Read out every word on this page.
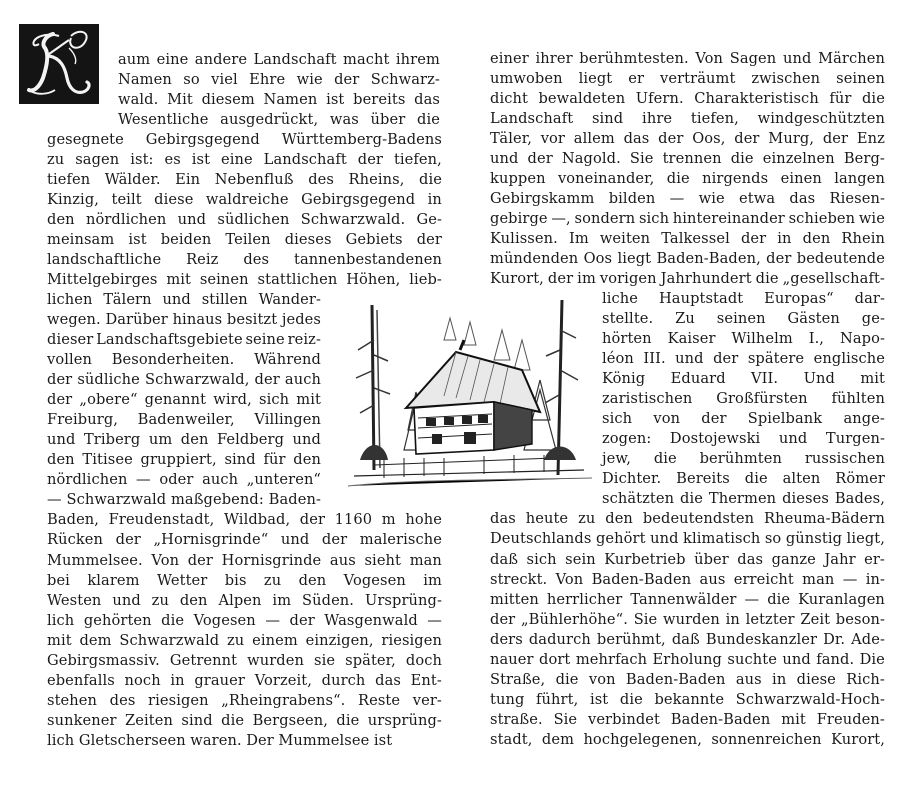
aum eine andere Landschaft macht ihrem
Namen so viel Ehre wie der Schwarz-
wald. Mit diesem Namen ist bereits das
Wesentliche ausgedrückt, was über die
gesegnete Gebirgsgegend Württemberg-Badens
zu sagen ist: es ist eine Landschaft der tiefen,
tiefen Wälder. Ein Nebenfluß des Rheins, die
Kinzig, teilt diese waldreiche Gebirgsgegend in
den nördlichen und südlichen Schwarzwald. Ge-
meinsam ist beiden Teilen dieses Gebiets der
landschaftliche Reiz des tannenbestandenen
Mittelgebirges mit seinen stattlichen Höhen, lieb-
lichen Tälern und stillen Wander-
wegen. Darüber hinaus besitzt jedes
dieser Landschaftsgebiete seine reiz-
vollen Besonderheiten. Während
der südliche Schwarzwald, der auch
der „obere“ genannt wird, sich mit
Freiburg, Badenweiler, Villingen
und Triberg um den Feldberg und
den Titisee gruppiert, sind für den
nördlichen — oder auch „unteren“
— Schwarzwald maßgebend: Baden-
Baden, Freudenstadt, Wildbad, der 1160 m hohe
Rücken der „Hornisgrinde“ und der malerische
Mummelsee. Von der Hornisgrinde aus sieht man
bei klarem Wetter bis zu den Vogesen im
Westen und zu den Alpen im Süden. Ursprüng-
lich gehörten die Vogesen — der Wasgenwald —
mit dem Schwarzwald zu einem einzigen, riesigen
Gebirgsmassiv. Getrennt wurden sie später, doch
ebenfalls noch in grauer Vorzeit, durch das Ent-
stehen des riesigen „Rheingrabens“. Reste ver-
sunkener Zeiten sind die Bergseen, die ursprüng-
lich Gletscherseen waren. Der Mummelsee ist
einer ihrer berühmtesten. Von Sagen und Märchen
umwoben liegt er verträumt zwischen seinen
dicht bewaldeten Ufern. Charakteristisch für die
Landschaft sind ihre tiefen, windgeschützten
Täler, vor allem das der Oos, der Murg, der Enz
und der Nagold. Sie trennen die einzelnen Berg-
kuppen voneinander, die nirgends einen langen
Gebirgskamm bilden — wie etwa das Riesen-
gebirge —, sondern sich hintereinander schieben wie
Kulissen. Im weiten Talkessel der in den Rhein
mündenden Oos liegt Baden-Baden, der bedeutende
Kurort, der im vorigen Jahrhundert die „gesellschaft-
liche Hauptstadt Europas“ dar-
stellte. Zu seinen Gästen ge-
hörten Kaiser Wilhelm I., Napo-
léon III. und der spätere englische
König Eduard VII. Und mit
zaristischen Großfürsten fühlten
sich von der Spielbank ange-
zogen: Dostojewski und Turgen-
jew, die berühmten russischen
Dichter. Bereits die alten Römer
schätzten die Thermen dieses Bades,
das heute zu den bedeutendsten Rheuma-Bädern
Deutschlands gehört und klimatisch so günstig liegt,
daß sich sein Kurbetrieb über das ganze Jahr er-
streckt. Von Baden-Baden aus erreicht man — in-
mitten herrlicher Tannenwälder — die Kuranlagen
der „Bühlerhöhe“. Sie wurden in letzter Zeit beson-
ders dadurch berühmt, daß Bundeskanzler Dr. Ade-
nauer dort mehrfach Erholung suchte und fand. Die
Straße, die von Baden-Baden aus in diese Rich-
tung führt, ist die bekannte Schwarzwald-Hoch-
straße. Sie verbindet Baden-Baden mit Freuden-
stadt, dem hochgelegenen, sonnenreichen Kurort,
